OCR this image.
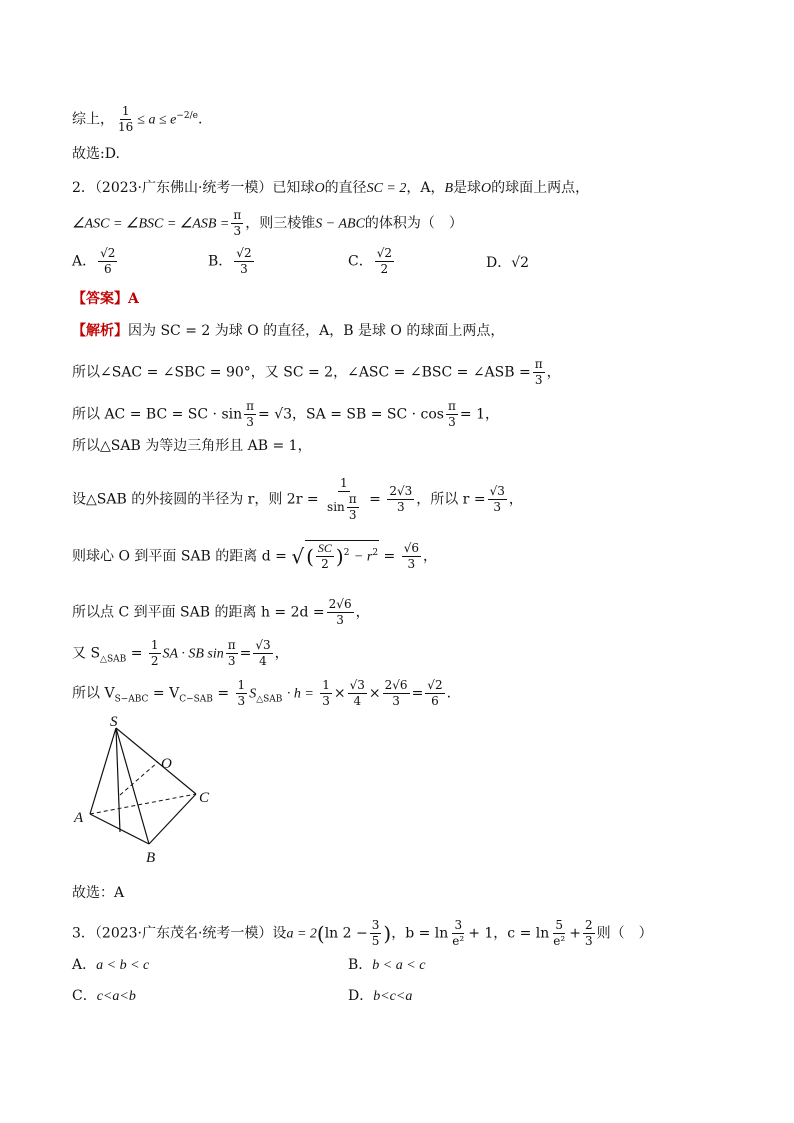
综上， $\frac{1}{16} \le a \le e^{-2/e}$.
故选:D.
2．（2023·广东佛山·统考一模）已知球O的直径SC = 2，A，B是球O的球面上两点，
∠ASC = ∠BSC = ∠ASB = $\frac{\pi}{3}$ ，则三棱锥S − ABC的体积为（　）
A． $\frac{√2}{6}$	B． $\frac{√2}{3}$	C． $\frac{√2}{2}$	D．√2
【答案】A
【解析】因为 SC = 2 为球 O 的直径，A，B 是球 O 的球面上两点，
所以∠SAC = ∠SBC = 90°，又 SC = 2，∠ASC = ∠BSC = ∠ASB = $\frac{\pi}{3}$ ，
所以 AC = BC = SC · $\sin \frac{\pi}{3} = √3$，SA = SB = SC · $\cos \frac{\pi}{3} = 1$，
所以△SAB 为等边三角形且 AB = 1，
设△SAB 的外接圆的半径为 r，则 $2r = \frac{1}{\sin \frac{\pi}{3}} = \frac{2√3}{3}$ ，所以 $r = \frac{√3}{3}$ ，
则球心 O 到平面 SAB 的距离 d = √ ( $\frac{SC}{2} )^2 - r^2 = \frac{√6}{3}$ ，
所以点 C 到平面 SAB 的距离 $h = 2d = \frac{2√6}{3}$ ，
又 $S_{\triangle SAB} = \frac{1}{2}$ SA · SB $\sin \frac{\pi}{3} = \frac{√3}{4}$ ，
所以 $V_{S-ABC} = V_{C-SAB} = \frac{1}{3} S_{\triangle SAB} \cdot h = \frac{1}{3} \times \frac{√3}{4} \times \frac{2√6}{3} = \frac{√2}{6}$ .
S
O
C
A
B
故选：A
3．（2023·广东茂名·统考一模）设a = 2(ln $2 - \frac{3}{5}$ )，$b = \ln \frac{3}{\text{e²}} + 1$，$c = \ln \frac{5}{\text{e²}} + \frac{2}{3}$ 则（　）
A．a < b < c	B．b < a < c
C．c<a<b	D．b<c<a
